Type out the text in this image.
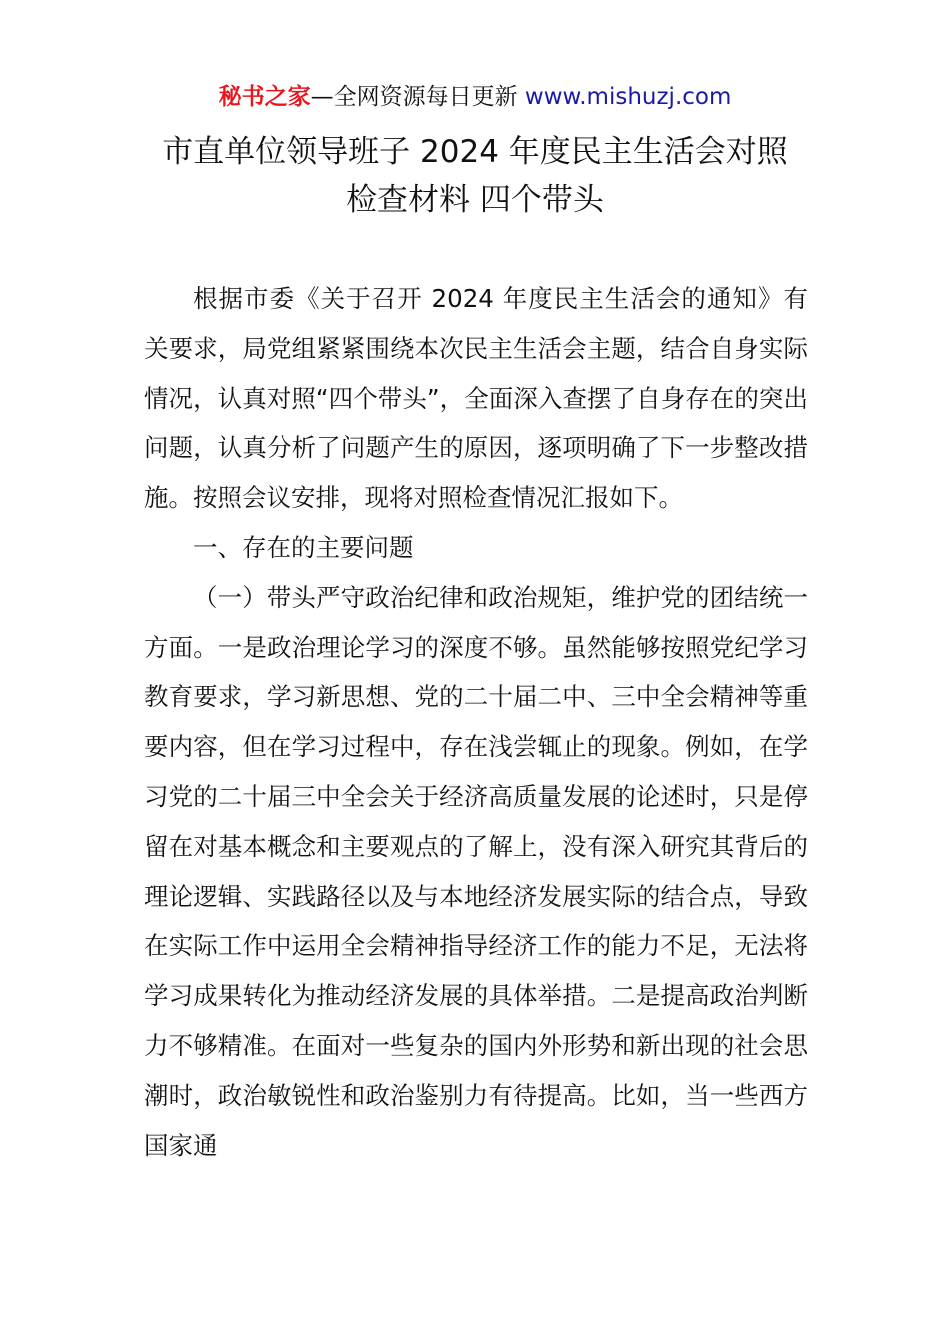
秘书之家—全网资源每日更新 www.mishuzj.com
市直单位领导班子 2024 年度民主生活会对照
检查材料 四个带头

根据市委《关于召开 2024 年度民主生活会的通知》有关要求，局党组紧紧围绕本次民主生活会主题，结合自身实际情况，认真对照“四个带头”，全面深入查摆了自身存在的突出问题，认真分析了问题产生的原因，逐项明确了下一步整改措施。按照会议安排，现将对照检查情况汇报如下。

一、存在的主要问题

（一）带头严守政治纪律和政治规矩，维护党的团结统一方面。一是政治理论学习的深度不够。虽然能够按照党纪学习教育要求，学习新思想、党的二十届二中、三中全会精神等重要内容，但在学习过程中，存在浅尝辄止的现象。例如，在学习党的二十届三中全会关于经济高质量发展的论述时，只是停留在对基本概念和主要观点的了解上，没有深入研究其背后的理论逻辑、实践路径以及与本地经济发展实际的结合点，导致在实际工作中运用全会精神指导经济工作的能力不足，无法将学习成果转化为推动经济发展的具体举措。二是提高政治判断力不够精准。在面对一些复杂的国内外形势和新出现的社会思潮时，政治敏锐性和政治鉴别力有待提高。比如，当一些西方国家通
